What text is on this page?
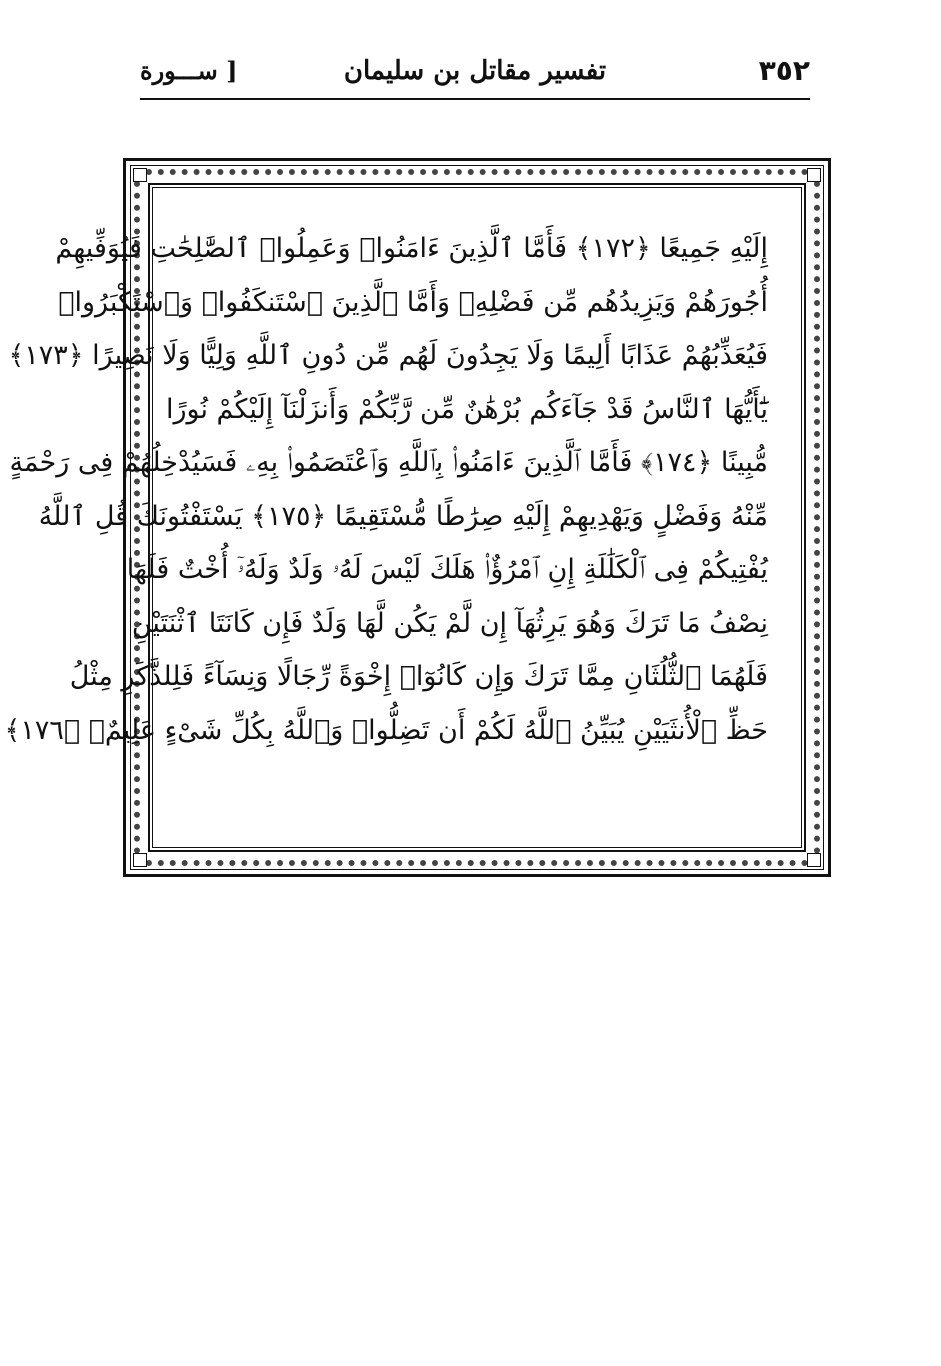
٣٥٢
تفسير مقاتل بن سليمان
[ ســـورة
إِلَيْهِ جَمِيعًا ﴿١٧٢﴾ فَأَمَّا ٱلَّذِينَ ءَامَنُوا۟ وَعَمِلُوا۟ ٱلصَّٰلِحَٰتِ فَيُوَفِّيهِمْ
أُجُورَهُمْ وَيَزِيدُهُم مِّن فَضْلِهِۦ وَأَمَّا ٱلَّذِينَ ٱسْتَنكَفُوا۟ وَٱسْتَكْبَرُوا۟
فَيُعَذِّبُهُمْ عَذَابًا أَلِيمًا وَلَا يَجِدُونَ لَهُم مِّن دُونِ ٱللَّهِ وَلِيًّا وَلَا نَصِيرًا ﴿١٧٣﴾
يَٰٓأَيُّهَا ٱلنَّاسُ قَدْ جَآءَكُم بُرْهَٰنٌ مِّن رَّبِّكُمْ وَأَنزَلْنَآ إِلَيْكُمْ نُورًا
مُّبِينًا ﴿١٧٤﴾ فَأَمَّا ٱلَّذِينَ ءَامَنُوا۟ بِٱللَّهِ وَٱعْتَصَمُوا۟ بِهِۦ فَسَيُدْخِلُهُمْ فِى رَحْمَةٍ
مِّنْهُ وَفَضْلٍ وَيَهْدِيهِمْ إِلَيْهِ صِرَٰطًا مُّسْتَقِيمًا ﴿١٧٥﴾ يَسْتَفْتُونَكَ قُلِ ٱللَّهُ
يُفْتِيكُمْ فِى ٱلْكَلَٰلَةِ إِنِ ٱمْرُؤٌا۟ هَلَكَ لَيْسَ لَهُۥ وَلَدٌ وَلَهُۥٓ أُخْتٌ فَلَهَا
نِصْفُ مَا تَرَكَ وَهُوَ يَرِثُهَآ إِن لَّمْ يَكُن لَّهَا وَلَدٌ فَإِن كَانَتَا ٱثْنَتَيْنِ
فَلَهُمَا ٱلثُّلُثَانِ مِمَّا تَرَكَ وَإِن كَانُوٓا۟ إِخْوَةً رِّجَالًا وَنِسَآءً فَلِلذَّكَرِ مِثْلُ
حَظِّ ٱلْأُنثَيَيْنِ يُبَيِّنُ ٱللَّهُ لَكُمْ أَن تَضِلُّوا۟ وَٱللَّهُ بِكُلِّ شَىْءٍ عَلِيمٌۢ ﴿١٧٦﴾
